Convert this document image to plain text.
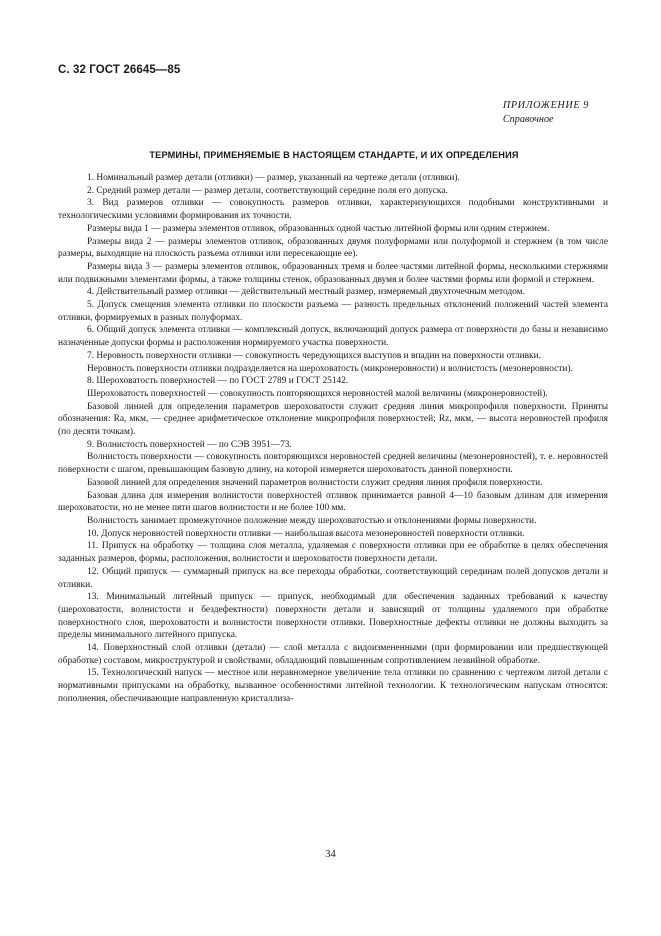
С. 32 ГОСТ 26645—85
ПРИЛОЖЕНИЕ 9
Справочное
ТЕРМИНЫ, ПРИМЕНЯЕМЫЕ В НАСТОЯЩЕМ СТАНДАРТЕ, И ИХ ОПРЕДЕЛЕНИЯ

1. Номинальный размер детали (отливки) — размер, указанный на чертеже детали (отливки).

2. Средний размер детали — размер детали, соответствующий середине поля его допуска.

3. Вид размеров отливки — совокупность размеров отливки, характеризующихся подобными конструктивными и технологическими условиями формирования их точности.

Размеры вида 1 — размеры элементов отливок, образованных одной частью литейной формы или одним стержнем.

Размеры вида 2 — размеры элементов отливок, образованных двумя полуформами или полуформой и стержнем (в том числе размеры, выходящие на плоскость разъема отливки или пересекающие ее).

Размеры вида 3 — размеры элементов отливок, образованных тремя и более частями литейной формы, несколькими стержнями или подвижными элементами формы, а также толщины стенок, образованных двумя и более частями формы или формой и стержнем.

4. Действительный размер отливки — действительный местный размер, измеряемый двухточечным методом.

5. Допуск смещения элемента отливки по плоскости разъема — разность предельных отклонений положений частей элемента отливки, формируемых в разных полуформах.

6. Общий допуск элемента отливки — комплексный допуск, включающий допуск размера от поверхности до базы и независимо назначенные допуски формы и расположения нормируемого участка поверхности.

7. Неровность поверхности отливки — совокупность чередующихся выступов и впадин на поверхности отливки.

Неровность поверхности отливки подразделяется на шероховатость (микронеровности) и волнистость (мезонеровности).

8. Шероховатость поверхностей — по ГОСТ 2789 и ГОСТ 25142.

Шероховатость поверхностей — совокупность повторяющихся неровностей малой величины (микронеровностей).

Базовой линией для определения параметров шероховатости служит средняя линия микропрофиля поверхности. Приняты обозначения: Ra, мкм, — среднее арифметическое отклонение микропрофиля поверхностей; Rz, мкм, — высота неровностей профиля (по десяти точкам).

9. Волнистость поверхностей — по СЭВ 3951—73.

Волнистость поверхности — совокупность повторяющихся неровностей средней величины (мезонеровностей), т. е. неровностей поверхности с шагом, превышающим базовую длину, на которой измеряется шероховатость данной поверхности.

Базовой линией для определения значений параметров волнистости служит средняя линия профиля поверхности.

Базовая длина для измерения волнистости поверхностей отливок принимается равной 4—10 базовым длинам для измерения шероховатости, но не менее пяти шагов волнистости и не более 100 мм.

Волнистость занимает промежуточное положение между шероховатостью и отклонениями формы поверхности.

10. Допуск неровностей поверхности отливки — наибольшая высота мезонеровностей поверхности отливки.

11. Припуск на обработку — толщина слоя металла, удаляемая с поверхности отливки при ее обработке в целях обеспечения заданных размеров, формы, расположения, волнистости и шероховатости поверхности детали.

12. Общий припуск — суммарный припуск на все переходы обработки, соответствующий серединам полей допусков детали и отливки.

13. Минимальный литейный припуск — припуск, необходимый для обеспечения заданных требований к качеству (шероховатости, волнистости и бездефектности) поверхности детали и зависящий от толщины удаляемого при обработке поверхностного слоя, шероховатости и волнистости поверхности отливки. Поверхностные дефекты отливки не должны выходить за пределы минимального литейного припуска.

14. Поверхностный слой отливки (детали) — слой металла с видоизмененными (при формировании или предшествующей обработке) составом, микроструктурой и свойствами, обладающий повышенным сопротивлением лезвийной обработке.

15. Технологический напуск — местное или неравномерное увеличение тела отливки по сравнению с чертежом литой детали с нормативными припусками на обработку, вызванное особенностями литейной технологии. К технологическим напускам относятся: пополнения, обеспечивающие направленную кристаллиза-

34
